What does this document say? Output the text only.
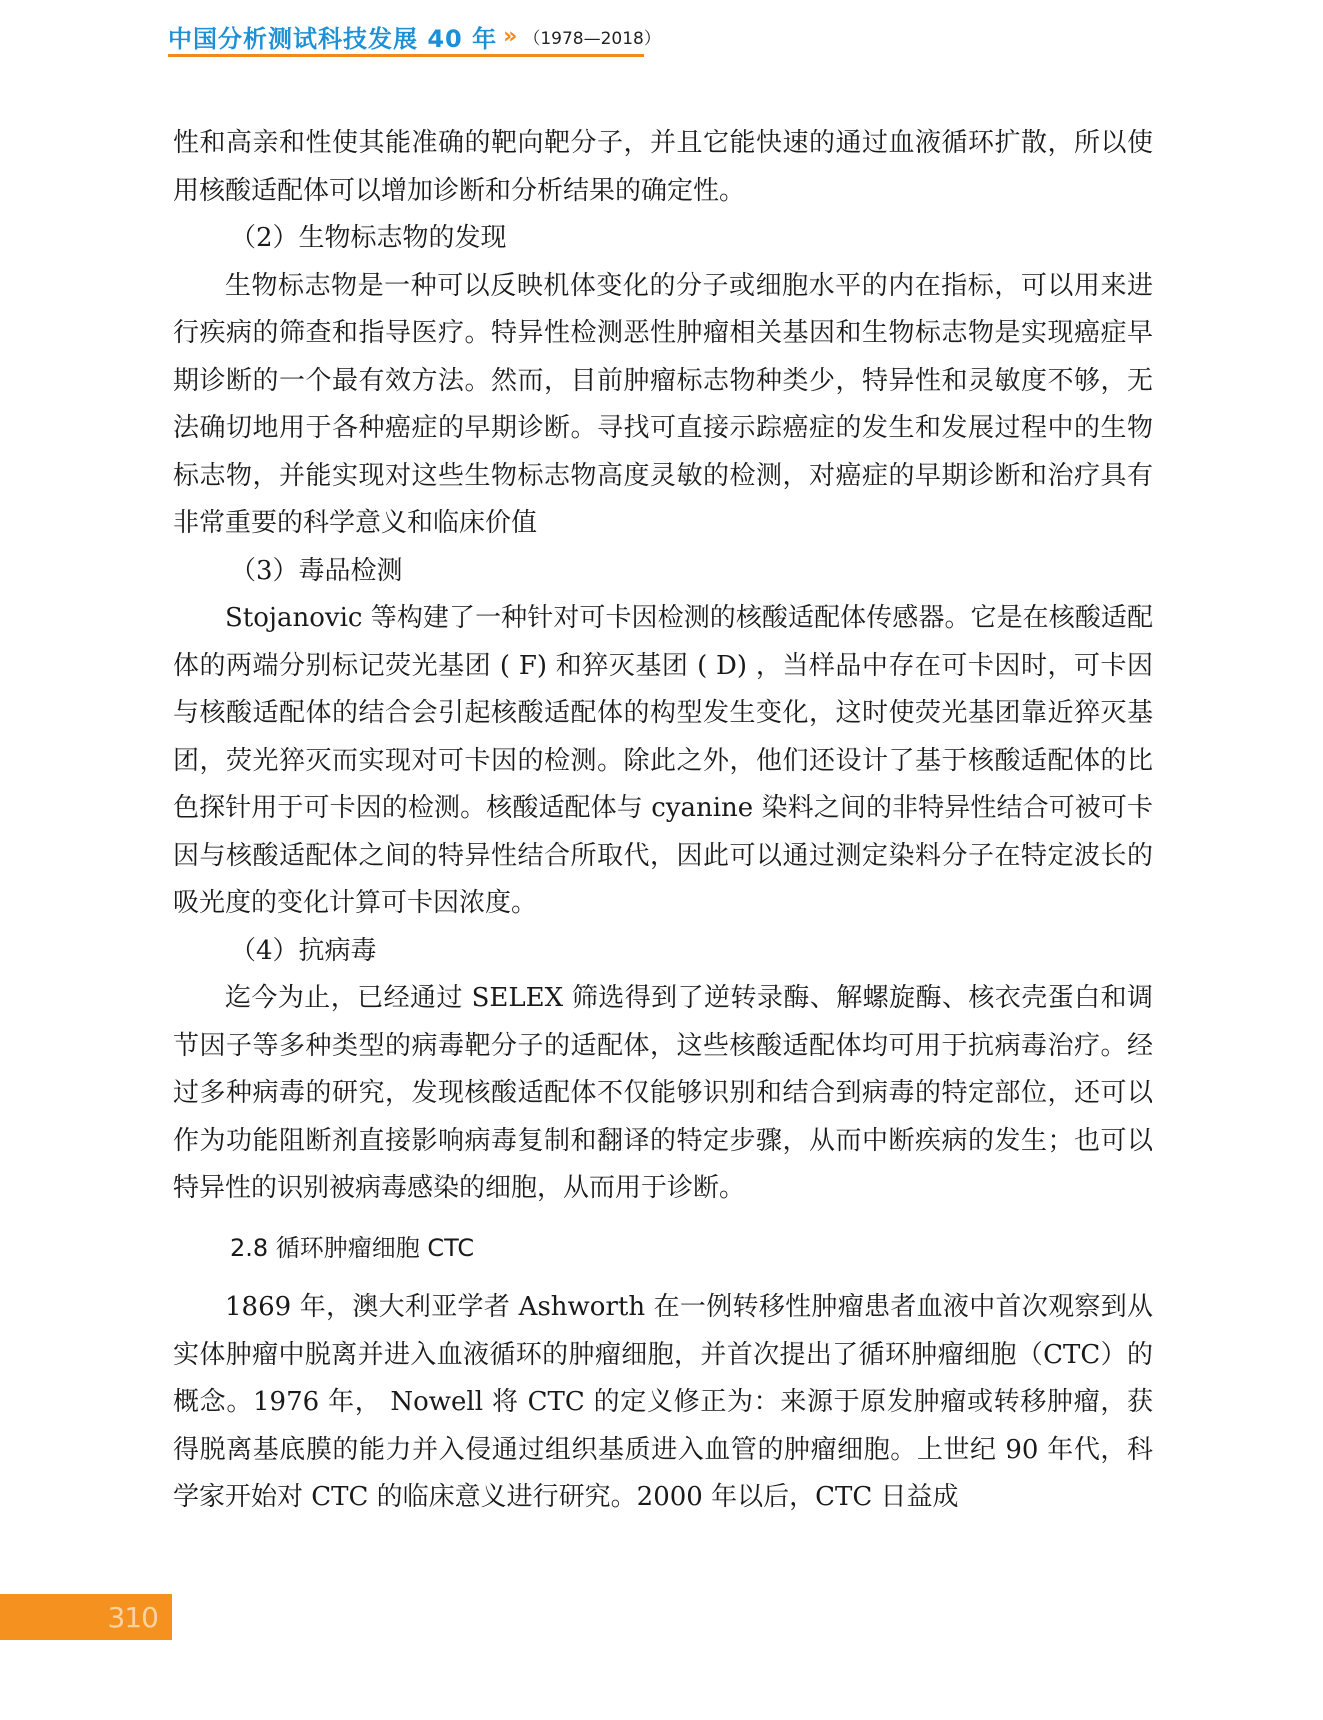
中国分析测试科技发展 40 年 » （1978—2018）

性和高亲和性使其能准确的靶向靶分子，并且它能快速的通过血液循环扩散，所以使用核酸适配体可以增加诊断和分析结果的确定性。

（2）生物标志物的发现

生物标志物是一种可以反映机体变化的分子或细胞水平的内在指标，可以用来进行疾病的筛查和指导医疗。特异性检测恶性肿瘤相关基因和生物标志物是实现癌症早期诊断的一个最有效方法。然而，目前肿瘤标志物种类少，特异性和灵敏度不够，无法确切地用于各种癌症的早期诊断。寻找可直接示踪癌症的发生和发展过程中的生物标志物，并能实现对这些生物标志物高度灵敏的检测，对癌症的早期诊断和治疗具有非常重要的科学意义和临床价值

（3）毒品检测

Stojanovic 等构建了一种针对可卡因检测的核酸适配体传感器。它是在核酸适配体的两端分别标记荧光基团 ( F) 和猝灭基团 ( D) ，当样品中存在可卡因时，可卡因与核酸适配体的结合会引起核酸适配体的构型发生变化，这时使荧光基团靠近猝灭基团，荧光猝灭而实现对可卡因的检测。除此之外，他们还设计了基于核酸适配体的比色探针用于可卡因的检测。核酸适配体与 cyanine 染料之间的非特异性结合可被可卡因与核酸适配体之间的特异性结合所取代，因此可以通过测定染料分子在特定波长的吸光度的变化计算可卡因浓度。

（4）抗病毒

迄今为止，已经通过 SELEX 筛选得到了逆转录酶、解螺旋酶、核衣壳蛋白和调节因子等多种类型的病毒靶分子的适配体，这些核酸适配体均可用于抗病毒治疗。经过多种病毒的研究，发现核酸适配体不仅能够识别和结合到病毒的特定部位，还可以作为功能阻断剂直接影响病毒复制和翻译的特定步骤，从而中断疾病的发生；也可以特异性的识别被病毒感染的细胞，从而用于诊断。

2.8 循环肿瘤细胞 CTC

1869 年，澳大利亚学者 Ashworth 在一例转移性肿瘤患者血液中首次观察到从实体肿瘤中脱离并进入血液循环的肿瘤细胞，并首次提出了循环肿瘤细胞（CTC）的概念。1976 年， Nowell 将 CTC 的定义修正为：来源于原发肿瘤或转移肿瘤，获得脱离基底膜的能力并入侵通过组织基质进入血管的肿瘤细胞。上世纪 90 年代，科学家开始对 CTC 的临床意义进行研究。2000 年以后，CTC 日益成

310
